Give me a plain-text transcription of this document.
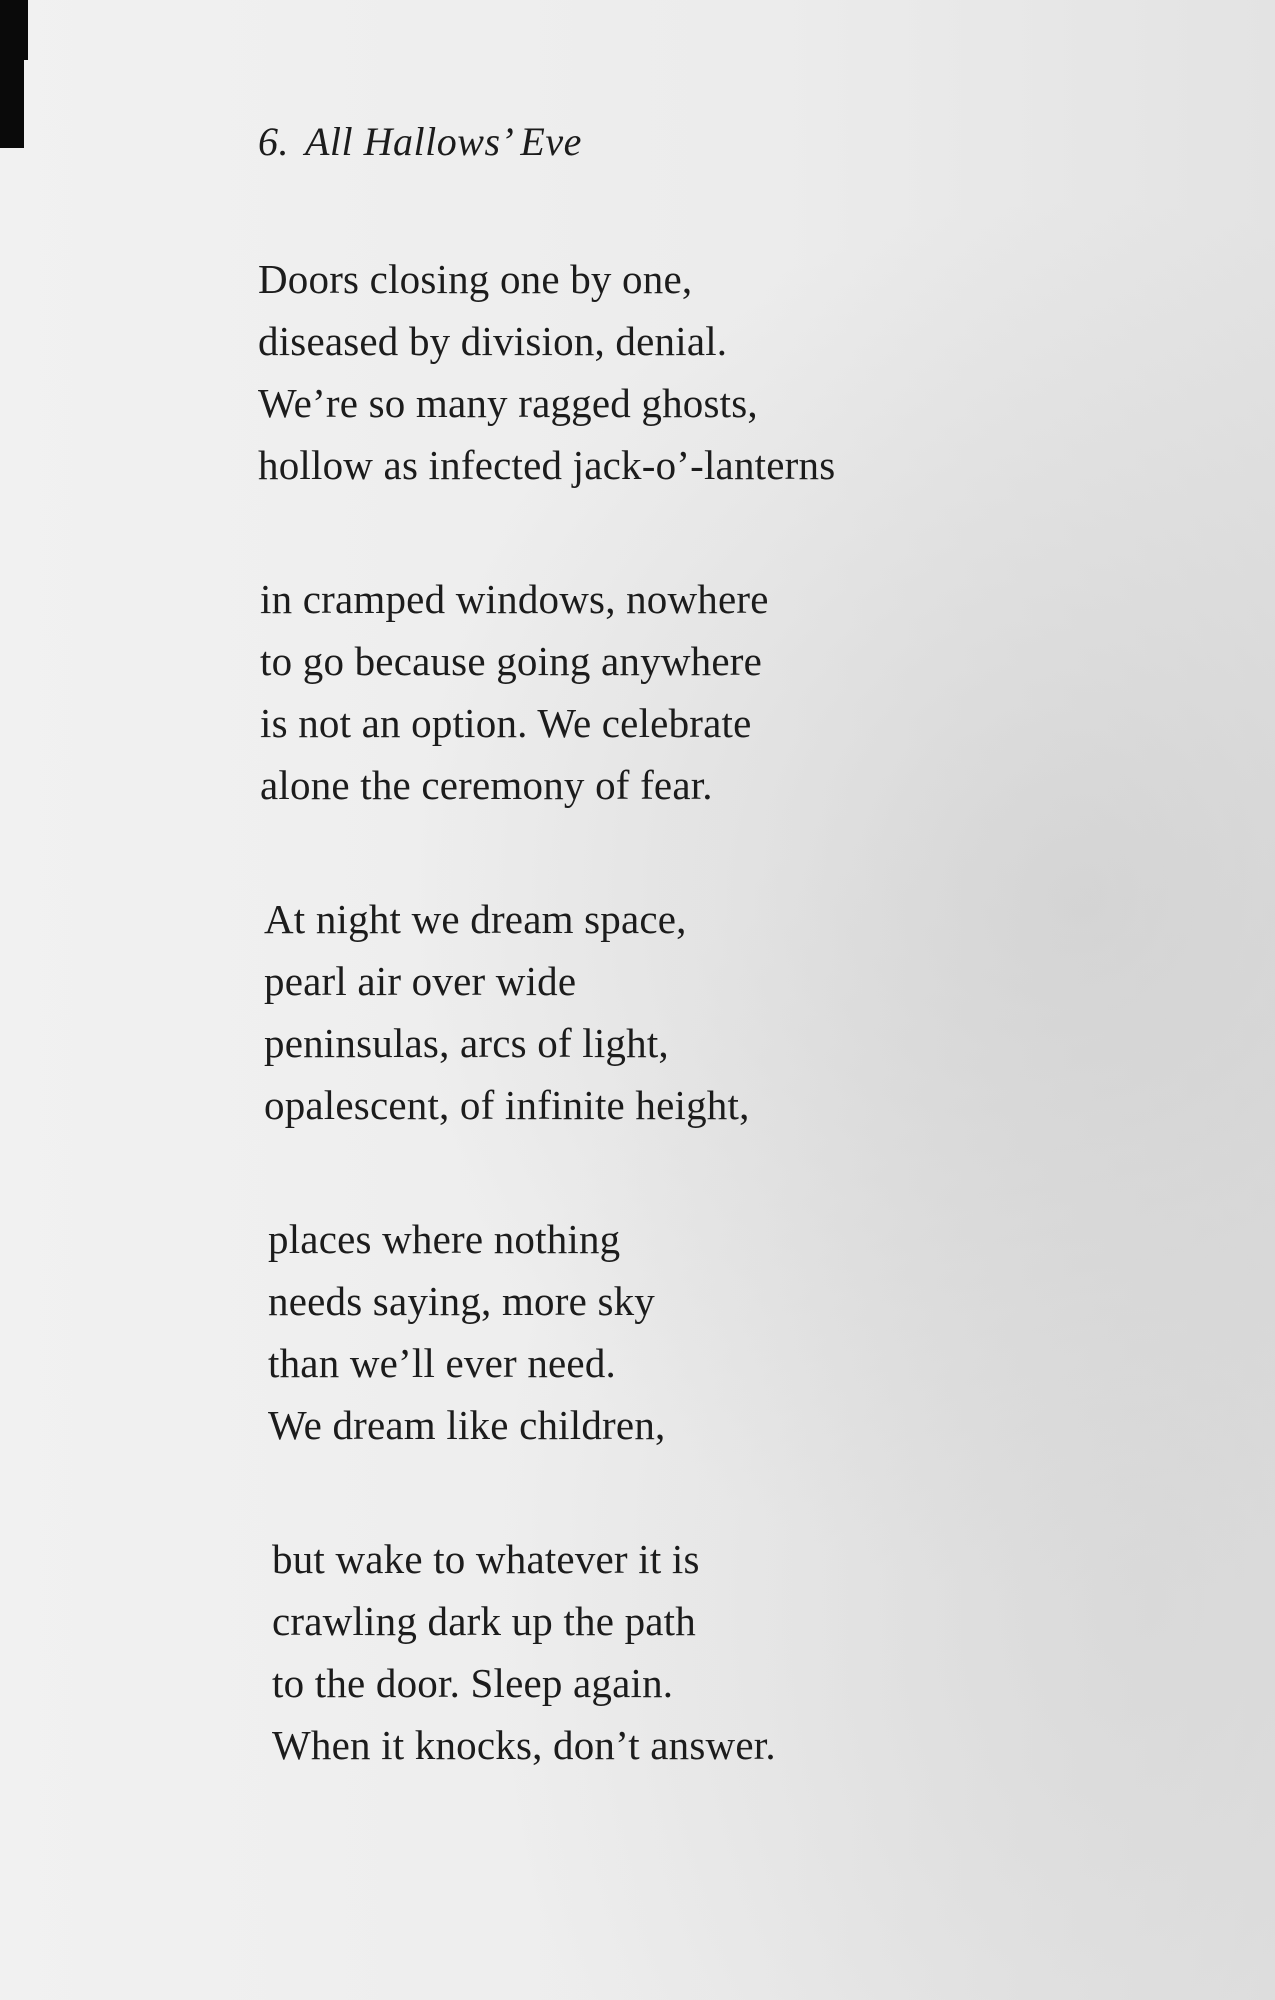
6. All Hallows’ Eve
Doors closing one by one,
diseased by division, denial.
We’re so many ragged ghosts,
hollow as infected jack-o’-lanterns
in cramped windows, nowhere
to go because going anywhere
is not an option. We celebrate
alone the ceremony of fear.
At night we dream space,
pearl air over wide
peninsulas, arcs of light,
opalescent, of infinite height,
places where nothing
needs saying, more sky
than we’ll ever need.
We dream like children,
but wake to whatever it is
crawling dark up the path
to the door. Sleep again.
When it knocks, don’t answer.
